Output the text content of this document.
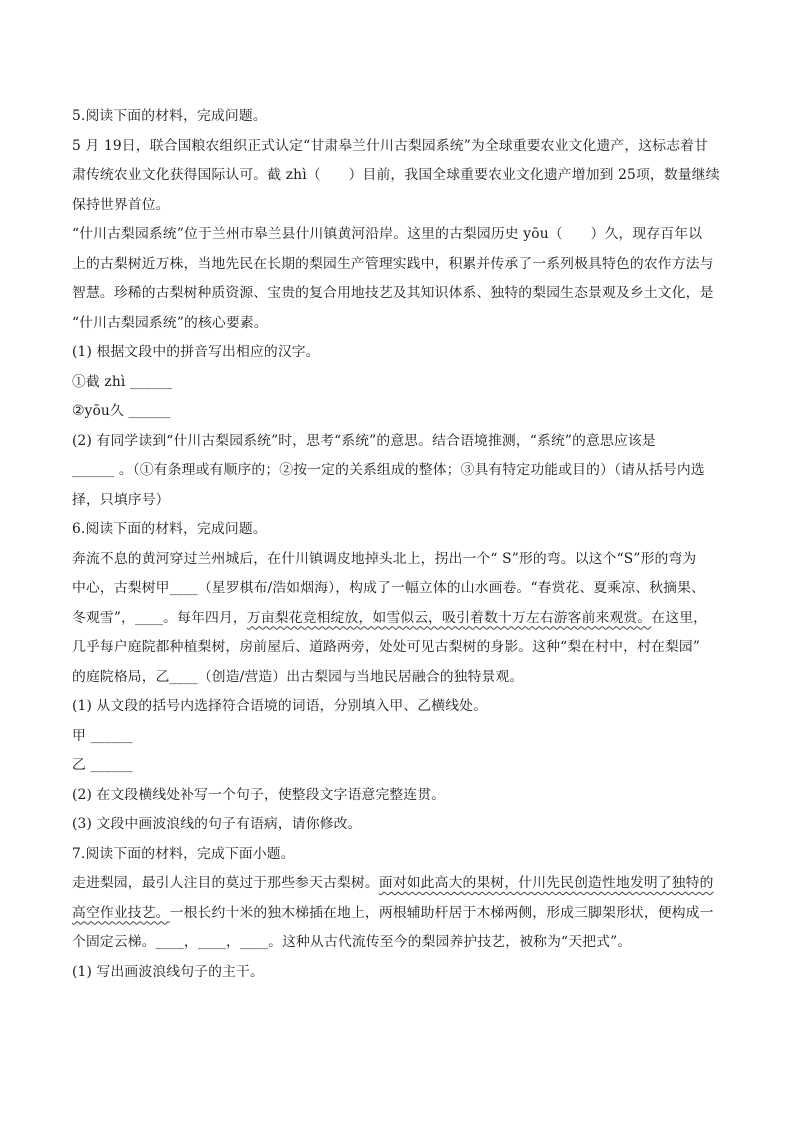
5.阅读下面的材料，完成问题。
5 月 19日，联合国粮农组织正式认定“甘肃皋兰什川古梨园系统”为全球重要农业文化遗产，这标志着甘
肃传统农业文化获得国际认可。截 zhì（　　）目前，我国全球重要农业文化遗产增加到 25项，数量继续
保持世界首位。
“什川古梨园系统”位于兰州市皋兰县什川镇黄河沿岸。这里的古梨园历史 yōu（　　）久，现存百年以
上的古梨树近万株，当地先民在长期的梨园生产管理实践中，积累并传承了一系列极具特色的农作方法与
智慧。珍稀的古梨树种质资源、宝贵的复合用地技艺及其知识体系、独特的梨园生态景观及乡土文化，是
“什川古梨园系统”的核心要素。
(1) 根据文段中的拼音写出相应的汉字。
①截 zhì ______
②yōu久 ______
(2) 有同学读到“什川古梨园系统”时，思考“系统”的意思。结合语境推测，“系统”的意思应该是
______ 。（①有条理或有顺序的；②按一定的关系组成的整体；③具有特定功能或目的）（请从括号内选
择，只填序号）
6.阅读下面的材料，完成问题。
奔流不息的黄河穿过兰州城后，在什川镇调皮地掉头北上，拐出一个“ S”形的弯。以这个“S”形的弯为
中心，古梨树甲____（星罗棋布/浩如烟海），构成了一幅立体的山水画卷。“春赏花、夏乘凉、秋摘果、
冬观雪”，____。每年四月，万亩梨花竞相绽放，如雪似云，吸引着数十万左右游客前来观赏。在这里，
几乎每户庭院都种植梨树，房前屋后、道路两旁，处处可见古梨树的身影。这种“梨在村中，村在梨园”
的庭院格局，乙____（创造/营造）出古梨园与当地民居融合的独特景观。
(1) 从文段的括号内选择符合语境的词语，分别填入甲、乙横线处。
甲 ______
乙 ______
(2) 在文段横线处补写一个句子，使整段文字语意完整连贯。
(3) 文段中画波浪线的句子有语病，请你修改。
7.阅读下面的材料，完成下面小题。
走进梨园，最引人注目的莫过于那些参天古梨树。面对如此高大的果树，什川先民创造性地发明了独特的
高空作业技艺。一根长约十米的独木梯插在地上，两根辅助杆居于木梯两侧，形成三脚架形状，便构成一
个固定云梯。____，____，____。这种从古代流传至今的梨园养护技艺，被称为“天把式”。
(1) 写出画波浪线句子的主干。
